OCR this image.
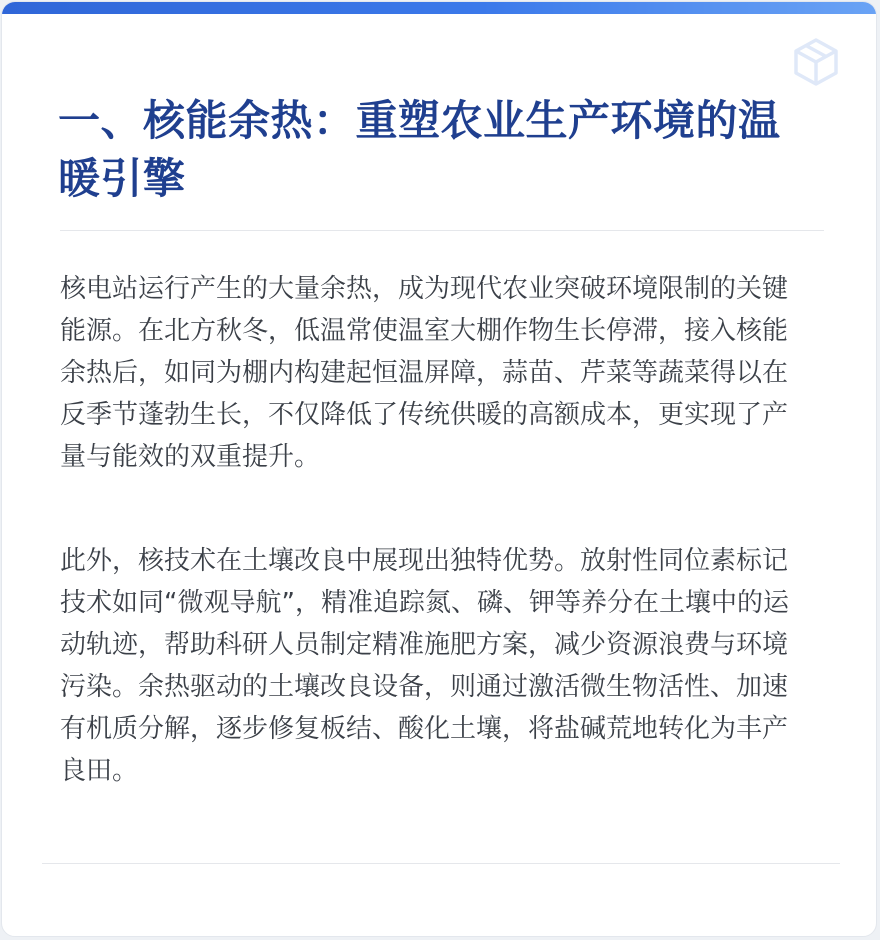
一、核能余热：重塑农业生产环境的温暖引擎

核电站运行产生的大量余热，成为现代农业突破环境限制的关键能源。在北方秋冬，低温常使温室大棚作物生长停滞，接入核能余热后，如同为棚内构建起恒温屏障，蒜苗、芹菜等蔬菜得以在反季节蓬勃生长，不仅降低了传统供暖的高额成本，更实现了产量与能效的双重提升。

此外，核技术在土壤改良中展现出独特优势。放射性同位素标记技术如同“微观导航”，精准追踪氮、磷、钾等养分在土壤中的运动轨迹，帮助科研人员制定精准施肥方案，减少资源浪费与环境污染。余热驱动的土壤改良设备，则通过激活微生物活性、加速有机质分解，逐步修复板结、酸化土壤，将盐碱荒地转化为丰产良田。
